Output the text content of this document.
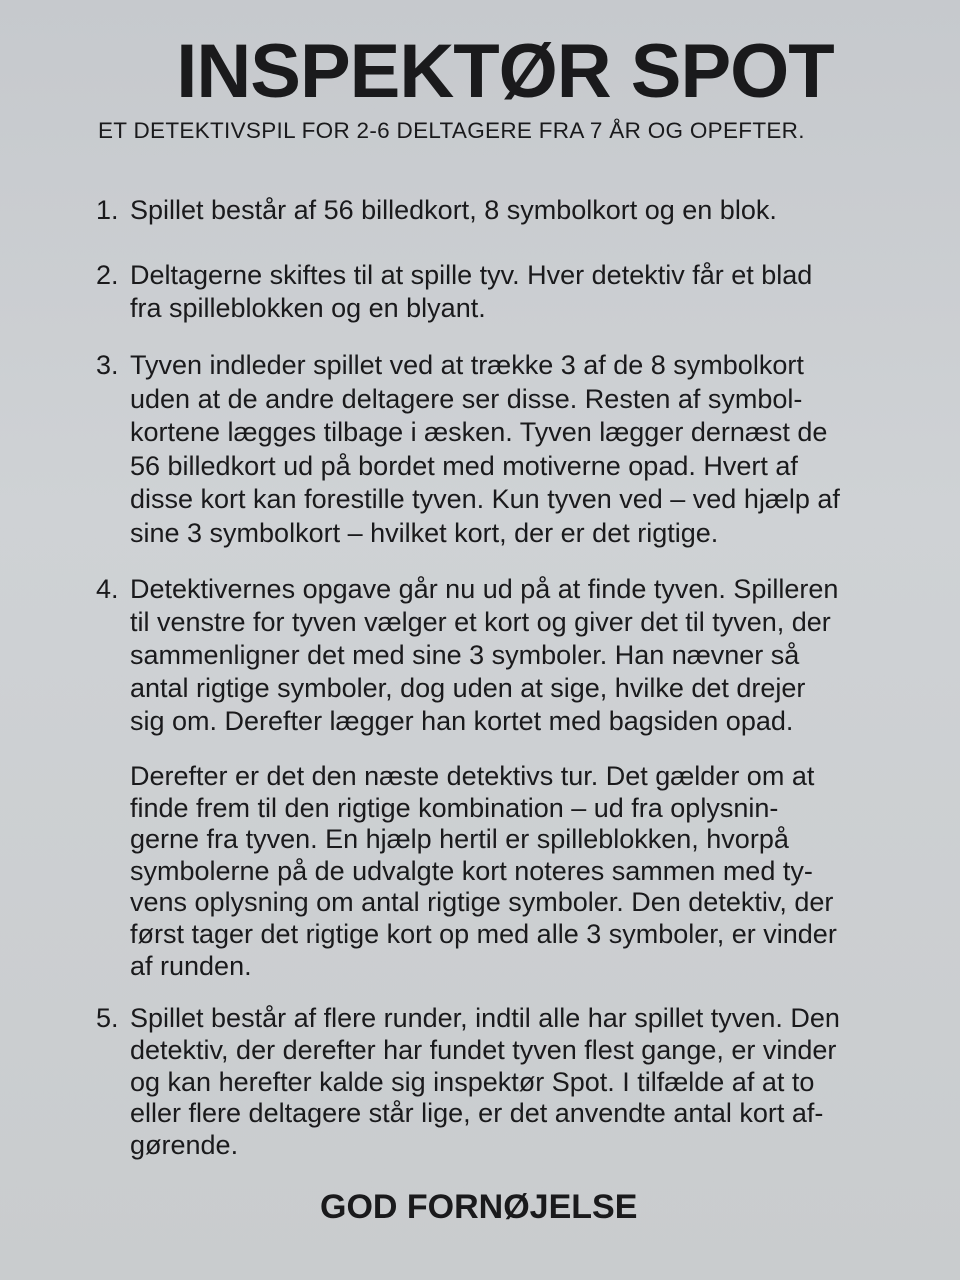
INSPEKTØR SPOT
ET DETEKTIVSPIL FOR 2-6 DELTAGERE FRA 7 ÅR OG OPEFTER.
1. Spillet består af 56 billedkort, 8 symbolkort og en blok.
2. Deltagerne skiftes til at spille tyv. Hver detektiv får et blad
fra spilleblokken og en blyant.
3. Tyven indleder spillet ved at trække 3 af de 8 symbolkort
uden at de andre deltagere ser disse. Resten af symbol-
kortene lægges tilbage i æsken. Tyven lægger dernæst de
56 billedkort ud på bordet med motiverne opad. Hvert af
disse kort kan forestille tyven. Kun tyven ved – ved hjælp af
sine 3 symbolkort – hvilket kort, der er det rigtige.
4. Detektivernes opgave går nu ud på at finde tyven. Spilleren
til venstre for tyven vælger et kort og giver det til tyven, der
sammenligner det med sine 3 symboler. Han nævner så
antal rigtige symboler, dog uden at sige, hvilke det drejer
sig om. Derefter lægger han kortet med bagsiden opad.
Derefter er det den næste detektivs tur. Det gælder om at
finde frem til den rigtige kombination – ud fra oplysnin-
gerne fra tyven. En hjælp hertil er spilleblokken, hvorpå
symbolerne på de udvalgte kort noteres sammen med ty-
vens oplysning om antal rigtige symboler. Den detektiv, der
først tager det rigtige kort op med alle 3 symboler, er vinder
af runden.
5. Spillet består af flere runder, indtil alle har spillet tyven. Den
detektiv, der derefter har fundet tyven flest gange, er vinder
og kan herefter kalde sig inspektør Spot. I tilfælde af at to
eller flere deltagere står lige, er det anvendte antal kort af-
gørende.
GOD FORNØJELSE
